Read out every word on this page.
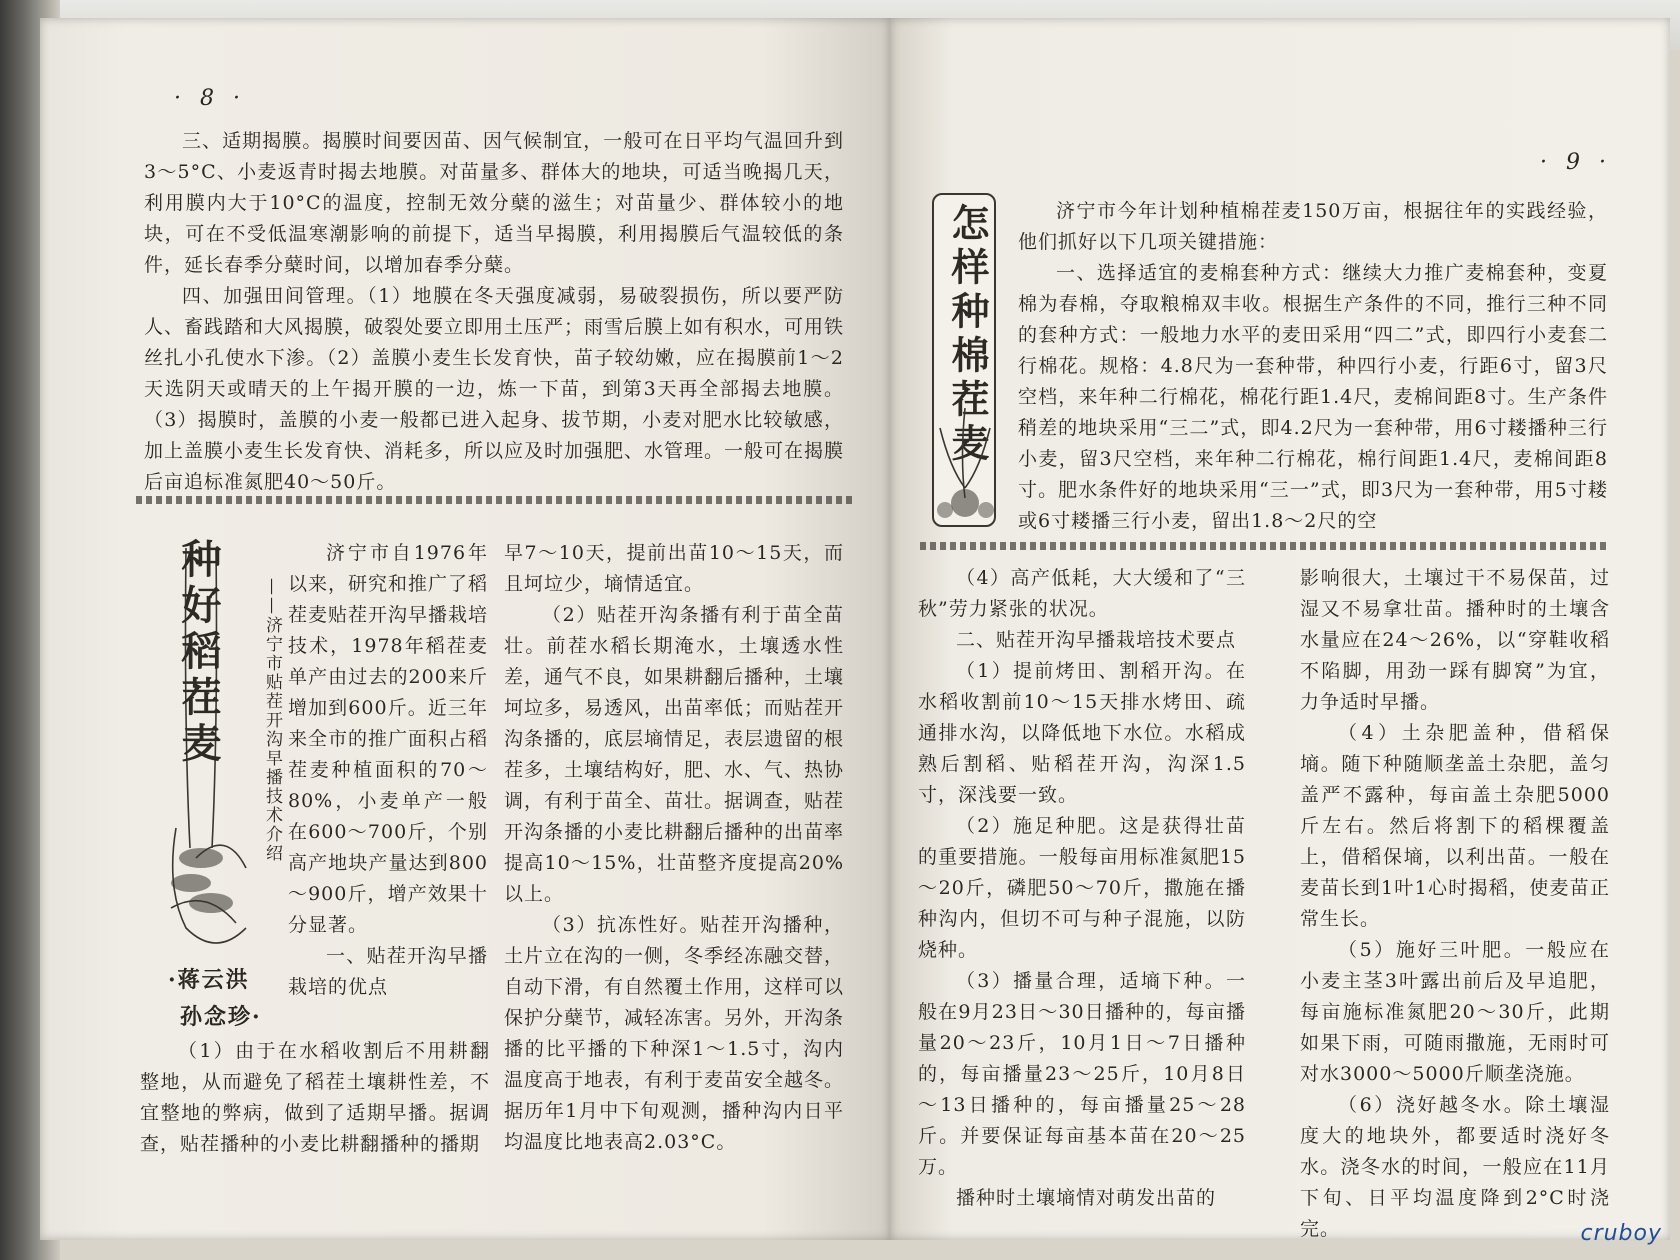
· 8 ·

三、适期揭膜。揭膜时间要因苗、因气候制宜，一般可在日平均气温回升到3～5°C、小麦返青时揭去地膜。对苗量多、群体大的地块，可适当晚揭几天，利用膜内大于10°C的温度，控制无效分蘖的滋生；对苗量少、群体较小的地块，可在不受低温寒潮影响的前提下，适当早揭膜，利用揭膜后气温较低的条件，延长春季分蘖时间，以增加春季分蘖。

四、加强田间管理。（1）地膜在冬天强度减弱，易破裂损伤，所以要严防人、畜践踏和大风揭膜，破裂处要立即用土压严；雨雪后膜上如有积水，可用铁丝扎小孔使水下渗。（2）盖膜小麦生长发育快，苗子较幼嫩，应在揭膜前1～2天选阴天或晴天的上午揭开膜的一边，炼一下苗，到第3天再全部揭去地膜。（3）揭膜时，盖膜的小麦一般都已进入起身、拔节期，小麦对肥水比较敏感，加上盖膜小麦生长发育快、消耗多，所以应及时加强肥、水管理。一般可在揭膜后亩追标准氮肥40～50斤。

种好稻茬麦 ——济宁市贴茬开沟早播技术介绍
·蒋云洪
孙念珍·

济宁市自1976年以来，研究和推广了稻茬麦贴茬开沟早播栽培技术，1978年稻茬麦单产由过去的200来斤增加到600斤。近三年来全市的推广面积占稻茬麦种植面积的70～80%，小麦单产一般在600～700斤，个别高产地块产量达到800～900斤，增产效果十分显著。

一、贴茬开沟早播栽培的优点

（1）由于在水稻收割后不用耕翻整地，从而避免了稻茬土壤耕性差，不宜整地的弊病，做到了适期早播。据调查，贴茬播种的小麦比耕翻播种的播期

早7～10天，提前出苗10～15天，而且坷垃少，墒情适宜。

（2）贴茬开沟条播有利于苗全苗壮。前茬水稻长期淹水，土壤透水性差，通气不良，如果耕翻后播种，土壤坷垃多，易透风，出苗率低；而贴茬开沟条播的，底层墒情足，表层遗留的根茬多，土壤结构好，肥、水、气、热协调，有利于苗全、苗壮。据调查，贴茬开沟条播的小麦比耕翻后播种的出苗率提高10～15%，壮苗整齐度提高20%以上。

（3）抗冻性好。贴茬开沟播种，土片立在沟的一侧，冬季经冻融交替，自动下滑，有自然覆土作用，这样可以保护分蘖节，减轻冻害。另外，开沟条播的比平播的下种深1～1.5寸，沟内温度高于地表，有利于麦苗安全越冬。据历年1月中下旬观测，播种沟内日平均温度比地表高2.03°C。

· 9 ·
怎样种棉茬麦	济宁市今年计划种植棉茬麦150万亩，根据往年的实践经验，他们抓好以下几项关键措施：

一、选择适宜的麦棉套种方式：继续大力推广麦棉套种，变夏棉为春棉，夺取粮棉双丰收。根据生产条件的不同，推行三种不同的套种方式：一般地力水平的麦田采用“四二”式，即四行小麦套二行棉花。规格：4.8尺为一套种带，种四行小麦，行距6寸，留3尺空档，来年种二行棉花，棉花行距1.4尺，麦棉间距8寸。生产条件稍差的地块采用“三二”式，即4.2尺为一套种带，用6寸耧播种三行小麦，留3尺空档，来年种二行棉花，棉行间距1.4尺，麦棉间距8寸。肥水条件好的地块采用“三一”式，即3尺为一套种带，用5寸耧或6寸耧播三行小麦，留出1.8～2尺的空

（4）高产低耗，大大缓和了“三秋”劳力紧张的状况。

二、贴茬开沟早播栽培技术要点

（1）提前烤田、割稻开沟。在水稻收割前10～15天排水烤田、疏通排水沟，以降低地下水位。水稻成熟后割稻、贴稻茬开沟，沟深1.5寸，深浅要一致。

（2）施足种肥。这是获得壮苗的重要措施。一般每亩用标准氮肥15～20斤，磷肥50～70斤，撒施在播种沟内，但切不可与种子混施，以防烧种。

（3）播量合理，适墒下种。一般在9月23日～30日播种的，每亩播量20～23斤，10月1日～7日播种的，每亩播量23～25斤，10月8日～13日播种的，每亩播量25～28斤。并要保证每亩基本苗在20～25万。

播种时土壤墒情对萌发出苗的

影响很大，土壤过干不易保苗，过湿又不易拿壮苗。播种时的土壤含水量应在24～26%，以“穿鞋收稻不陷脚，用劲一踩有脚窝”为宜，力争适时早播。

（4）土杂肥盖种，借稻保墒。随下种随顺垄盖土杂肥，盖匀盖严不露种，每亩盖土杂肥5000斤左右。然后将割下的稻棵覆盖上，借稻保墒，以利出苗。一般在麦苗长到1叶1心时揭稻，使麦苗正常生长。

（5）施好三叶肥。一般应在小麦主茎3叶露出前后及早追肥，每亩施标准氮肥20～30斤，此期如果下雨，可随雨撒施，无雨时可对水3000～5000斤顺垄浇施。

（6）浇好越冬水。除土壤湿度大的地块外，都要适时浇好冬水。浇冬水的时间，一般应在11月下旬、日平均温度降到2°C时浇完。	cruboy
